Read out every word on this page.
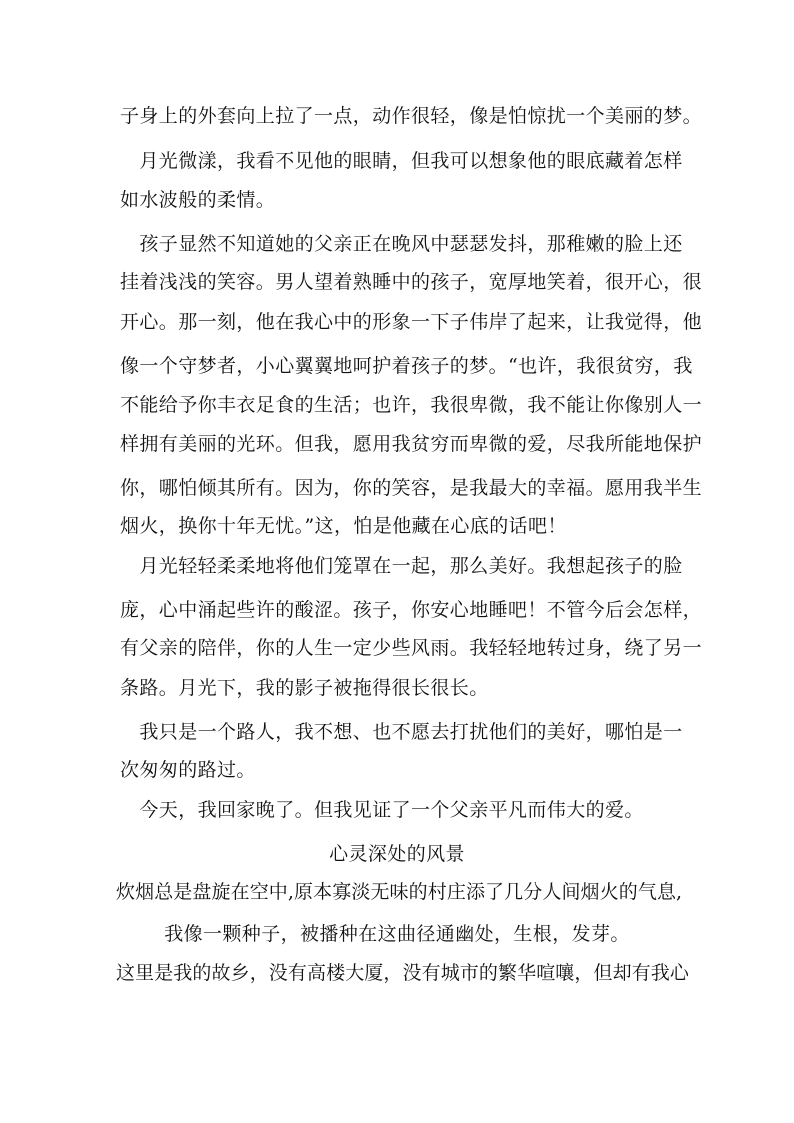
子身上的外套向上拉了一点，动作很轻，像是怕惊扰一个美丽的梦。
　月光微漾，我看不见他的眼睛，但我可以想象他的眼底藏着怎样
如水波般的柔情。
　孩子显然不知道她的父亲正在晚风中瑟瑟发抖，那稚嫩的脸上还
挂着浅浅的笑容。男人望着熟睡中的孩子，宽厚地笑着，很开心，很
开心。那一刻，他在我心中的形象一下子伟岸了起来，让我觉得，他
像一个守梦者，小心翼翼地呵护着孩子的梦。“也许，我很贫穷，我
不能给予你丰衣足食的生活；也许，我很卑微，我不能让你像别人一
样拥有美丽的光环。但我，愿用我贫穷而卑微的爱，尽我所能地保护
你，哪怕倾其所有。因为，你的笑容，是我最大的幸福。愿用我半生
烟火，换你十年无忧。”这，怕是他藏在心底的话吧！
　月光轻轻柔柔地将他们笼罩在一起，那么美好。我想起孩子的脸
庞，心中涌起些许的酸涩。孩子，你安心地睡吧！不管今后会怎样，
有父亲的陪伴，你的人生一定少些风雨。我轻轻地转过身，绕了另一
条路。月光下，我的影子被拖得很长很长。
　我只是一个路人，我不想、也不愿去打扰他们的美好，哪怕是一
次匆匆的路过。
　今天，我回家晚了。但我见证了一个父亲平凡而伟大的爱。
心灵深处的风景
炊烟总是盘旋在空中,原本寡淡无味的村庄添了几分人间烟火的气息,
我像一颗种子，被播种在这曲径通幽处，生根，发芽。
这里是我的故乡，没有高楼大厦，没有城市的繁华喧嚷，但却有我心
